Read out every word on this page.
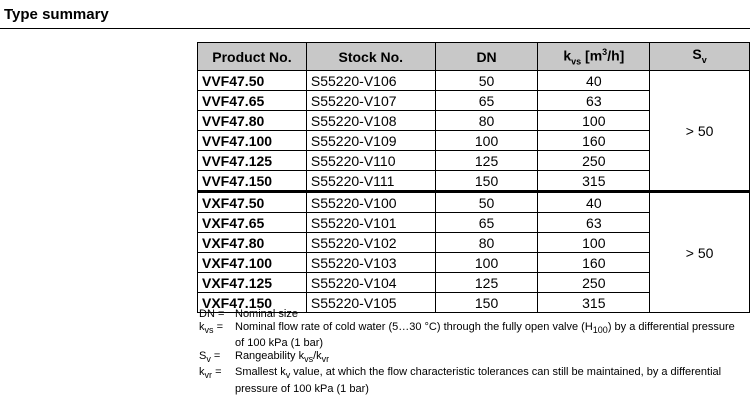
Type summary
Product No.	Stock No.	DN	$k_{vs}$ $[m^3/h]$	$S_v$
VVF47.50	S55220-V106	50	40	> 50
VVF47.65	S55220-V107	65	63	
VVF47.80	S55220-V108	80	100	
VVF47.100	S55220-V109	100	160	
VVF47.125	S55220-V110	125	250	
VVF47.150	S55220-V111	150	315	
VXF47.50	S55220-V100	50	40	> 50
VXF47.65	S55220-V101	65	63	
VXF47.80	S55220-V102	80	100	
VXF47.100	S55220-V103	100	160	
VXF47.125	S55220-V104	125	250	
VXF47.150	S55220-V105	150	315	
DN = Nominal size
$k_{vs}$ =	Nominal flow rate of cold water (5…30 °C) through the fully open valve $(H_{100})$ by a differential pressure of 100 kPa (1 bar)
$S_v$ =	Rangeability $k_{vs}/k_{vr}$
$k_{vr}$ =	Smallest $k_v$ value, at which the flow characteristic tolerances can still be maintained, by a differential pressure of 100 kPa (1 bar)
